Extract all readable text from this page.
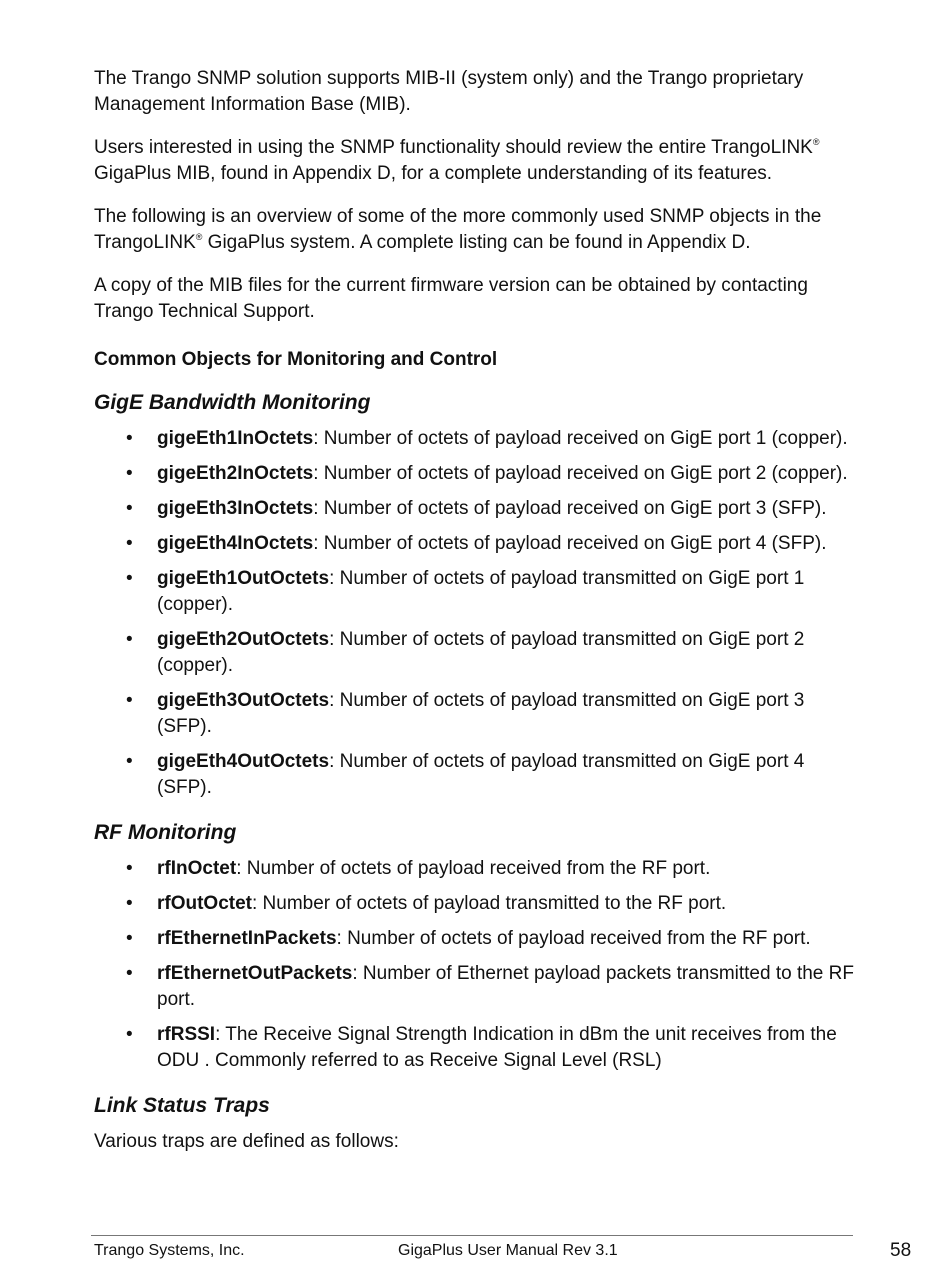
The Trango SNMP solution supports MIB-II (system only) and the Trango proprietary Management Information Base (MIB).

Users interested in using the SNMP functionality should review the entire TrangoLINK® GigaPlus MIB, found in Appendix D, for a complete understanding of its features.

The following is an overview of some of the more commonly used SNMP objects in the TrangoLINK® GigaPlus system. A complete listing can be found in Appendix D.

A copy of the MIB files for the current firmware version can be obtained by contacting Trango Technical Support.

Common Objects for Monitoring and Control
GigE Bandwidth Monitoring
• gigeEth1InOctets: Number of octets of payload received on GigE port 1 (copper).
• gigeEth2InOctets: Number of octets of payload received on GigE port 2 (copper).
• gigeEth3InOctets: Number of octets of payload received on GigE port 3 (SFP).
• gigeEth4InOctets: Number of octets of payload received on GigE port 4 (SFP).
• gigeEth1OutOctets: Number of octets of payload transmitted on GigE port 1 (copper).
• gigeEth2OutOctets: Number of octets of payload transmitted on GigE port 2 (copper).
• gigeEth3OutOctets: Number of octets of payload transmitted on GigE port 3 (SFP).
• gigeEth4OutOctets: Number of octets of payload transmitted on GigE port 4 (SFP).
RF Monitoring
• rfInOctet: Number of octets of payload received from the RF port.
• rfOutOctet: Number of octets of payload transmitted to the RF port.
• rfEthernetInPackets: Number of octets of payload received from the RF port.
• rfEthernetOutPackets: Number of Ethernet payload packets transmitted to the RF port.
• rfRSSI: The Receive Signal Strength Indication in dBm the unit receives from the ODU . Commonly referred to as Receive Signal Level (RSL)
Link Status Traps

Various traps are defined as follows:

Trango Systems, Inc.	GigaPlus User Manual Rev 3.1	58
